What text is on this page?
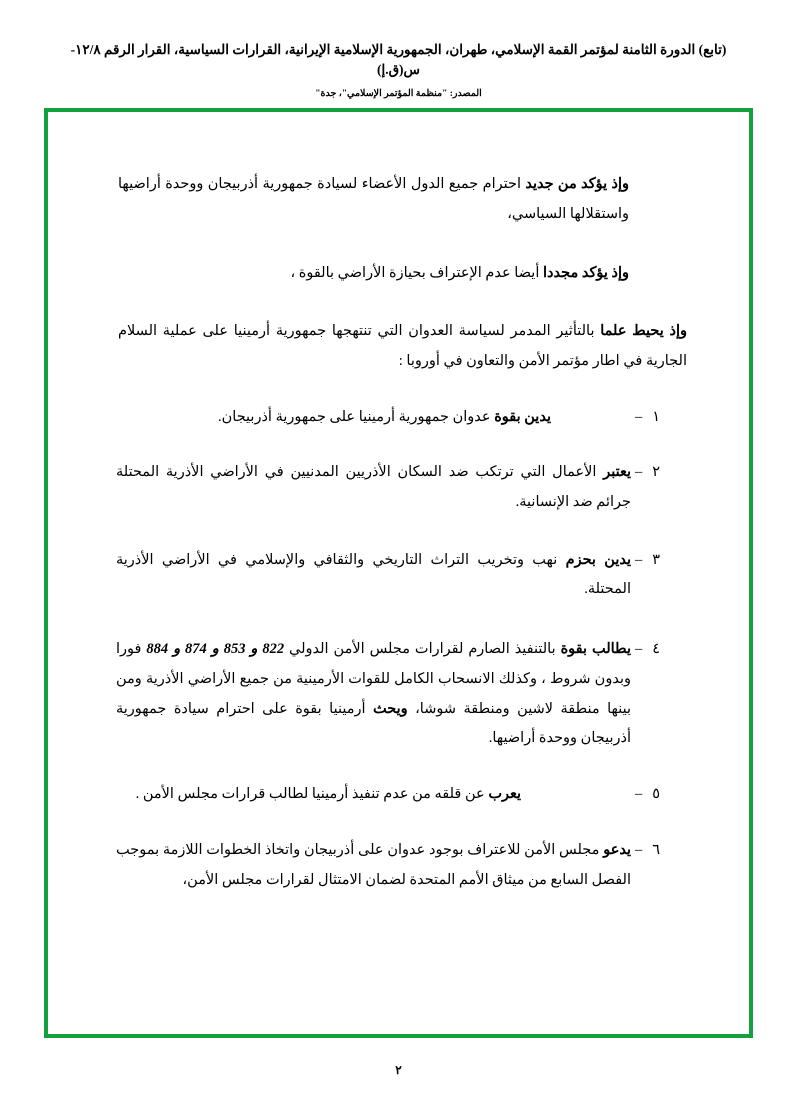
(تابع) الدورة الثامنة لمؤتمر القمة الإسلامي، طهران، الجمهورية الإسلامية الإيرانية، القرارات السياسية، القرار الرقم ١٢/٨-س(ق.إ)
المصدر: "منظمة المؤتمر الإسلامي"، جدة"

وإذ يؤكد من جديد احترام جميع الدول الأعضاء لسيادة جمهورية أذربيجان ووحدة أراضيها واستقلالها السياسي،

وإذ يؤكد مجددا أيضا عدم الإعتراف بحيازة الأراضي بالقوة ،

وإذ يحيط علما بالتأثير المدمر لسياسة العدوان التي تنتهجها جمهورية أرمينيا على عملية السلام الجارية في اطار مؤتمر الأمن والتعاون في أوروبا :

١–
يدين بقوة عدوان جمهورية أرمينيا على جمهورية أذربيجان.
٢–
يعتبر الأعمال التي ترتكب ضد السكان الأذريين المدنيين في الأراضي الأذرية المحتلة جرائم ضد الإنسانية.
٣–
يدين بحزم نهب وتخريب التراث التاريخي والثقافي والإسلامي في الأراضي الأذرية المحتلة.
٤–
يطالب بقوة بالتنفيذ الصارم لقرارات مجلس الأمن الدولي 822 و 853 و 874 و 884 فورا وبدون شروط ، وكذلك الانسحاب الكامل للقوات الأرمينية من جميع الأراضي الأذرية ومن بينها منطقة لاشين ومنطقة شوشا، ويحث أرمينيا بقوة على احترام سيادة جمهورية أذربيجان ووحدة أراضيها.
٥–
يعرب عن قلقه من عدم تنفيذ أرمينيا لطالب قرارات مجلس الأمن .
٦–
يدعو مجلس الأمن للاعتراف بوجود عدوان على أذربيجان واتخاذ الخطوات اللازمة بموجب الفصل السابع من ميثاق الأمم المتحدة لضمان الامتثال لقرارات مجلس الأمن،
٢
